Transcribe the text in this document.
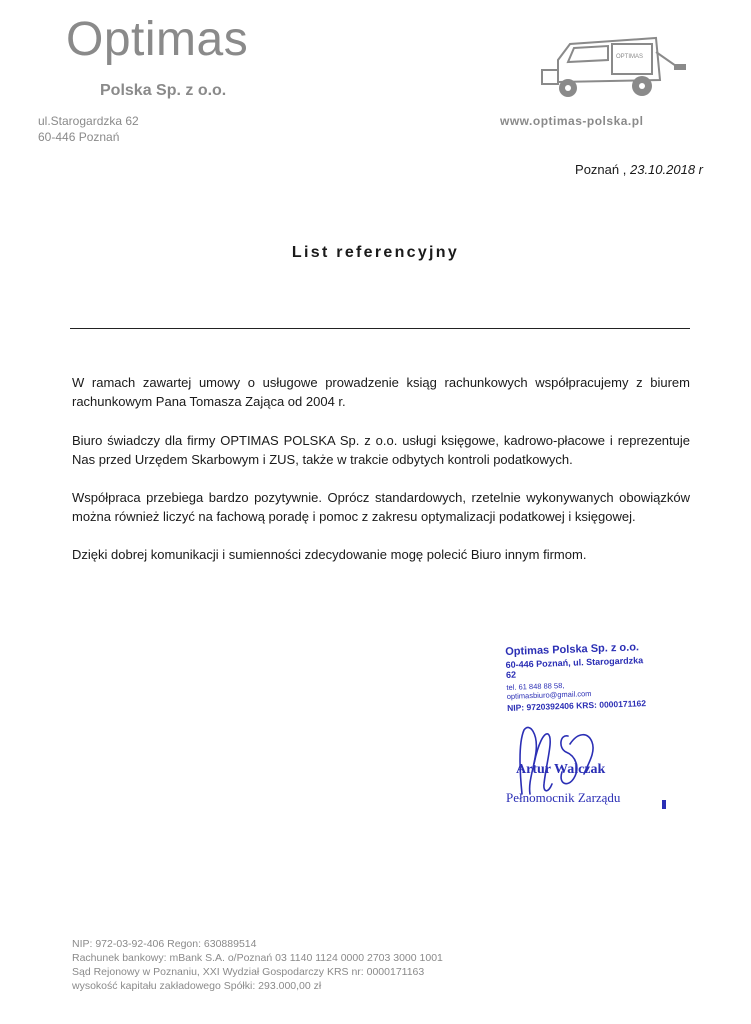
Optimas
Polska Sp. z o.o.
ul.Starogardzka 62
60-446 Poznań
OPTIMAS
www.optimas-polska.pl
Poznań , 23.10.2018 r
List referencyjny
W ramach zawartej umowy o usługowe prowadzenie ksiąg rachunkowych współpracujemy z biurem rachunkowym Pana Tomasza Zająca od 2004 r.
Biuro świadczy dla firmy OPTIMAS POLSKA Sp. z o.o. usługi księgowe, kadrowo-płacowe i reprezentuje Nas przed Urzędem Skarbowym i ZUS, także w trakcie odbytych kontroli podatkowych.
Współpraca przebiega bardzo pozytywnie. Oprócz standardowych, rzetelnie wykonywanych obowiązków można również liczyć na fachową poradę i pomoc z zakresu optymalizacji podatkowej i księgowej.
Dzięki dobrej komunikacji i sumienności zdecydowanie mogę polecić Biuro innym firmom.
Optimas Polska Sp. z o.o.
60-446 Poznań, ul. Starogardzka 62
tel. 61 848 88 58, optimasbiuro@gmail.com
NIP: 9720392406 KRS: 0000171162
Artur Walczak
Pełnomocnik Zarządu
NIP: 972-03-92-406 Regon: 630889514
Rachunek bankowy: mBank S.A. o/Poznań 03 1140 1124 0000 2703 3000 1001
Sąd Rejonowy w Poznaniu, XXI Wydział Gospodarczy KRS nr: 0000171163
wysokość kapitału zakładowego Spółki: 293.000,00 zł
